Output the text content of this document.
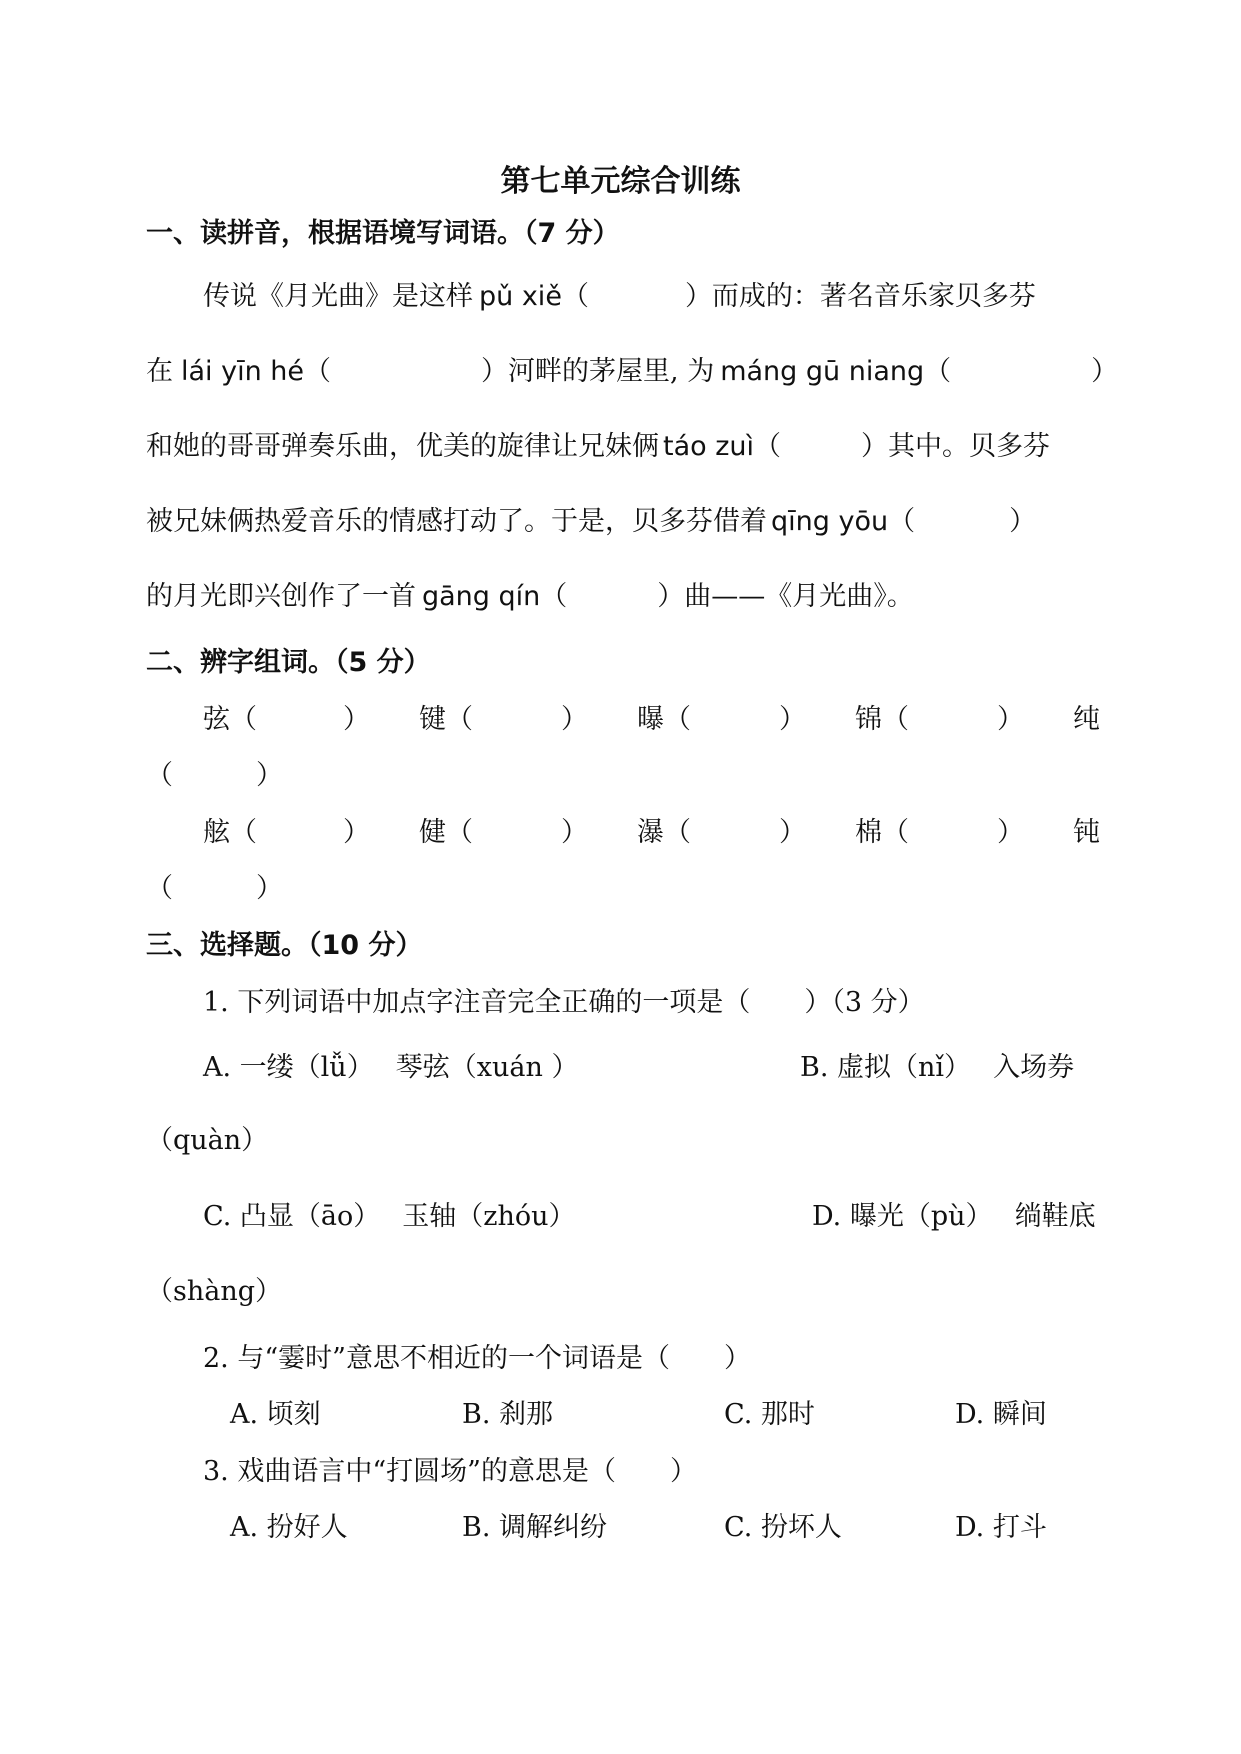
第七单元综合训练
一、读拼音，根据语境写词语。（7 分）
传说《月光曲》是这样 pǔ xiě（	）而成的：著名音乐家贝多芬
在 lái yīn hé（	）河畔的茅屋里, 为 máng gū niang（	）
和她的哥哥弹奏乐曲，优美的旋律让兄妹俩 táo zuì（	）其中。贝多芬
被兄妹俩热爱音乐的情感打动了。于是，贝多芬借着 qīng yōu（	）
的月光即兴创作了一首 gāng qín（	）曲——《月光曲》。
二、辨字组词。（5 分）
弦（	） 键（	） 曝（	） 锦（	） 纯
（	）
舷（	） 健（	） 瀑（	） 棉（	） 钝
（	）
三、选择题。（10 分）
1. 下列词语中加点字注音完全正确的一项是（　　）（3 分）
A. 一缕（lǚ）　 琴弦（xuán ）	B. 虚拟（nǐ）　 入场券
（quàn）
C. 凸显（āo）　 玉轴（zhóu）	D. 曝光（pù）　 绱鞋底
（shàng）
2. 与“霎时”意思不相近的一个词语是（　　）
A. 顷刻	B. 刹那	C. 那时	D. 瞬间
3. 戏曲语言中“打圆场”的意思是（　　）
A. 扮好人	B. 调解纠纷	C. 扮坏人	D. 打斗
